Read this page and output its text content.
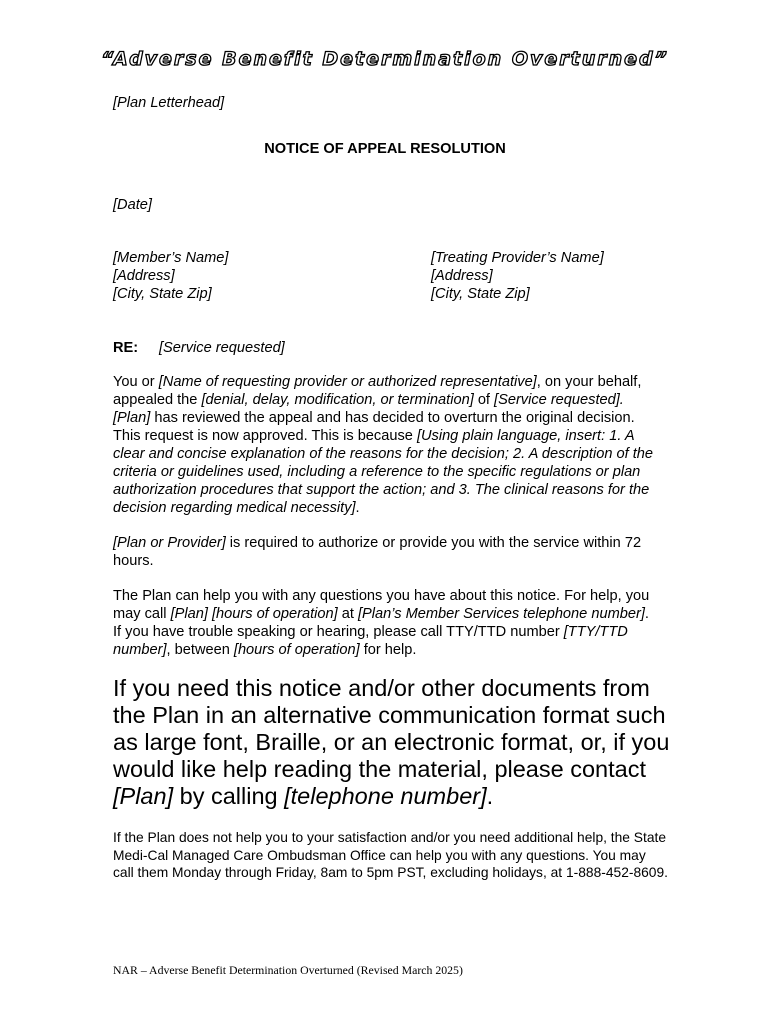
“Adverse Benefit Determination Overturned”
[Plan Letterhead]
NOTICE OF APPEAL RESOLUTION
[Date]
[Member’s Name]
[Address]
[City, State Zip]
[Treating Provider’s Name]
[Address]
[City, State Zip]
RE: [Service requested]
You or [Name of requesting provider or authorized representative], on your behalf, appealed the [denial, delay, modification, or termination] of [Service requested]. [Plan] has reviewed the appeal and has decided to overturn the original decision. This request is now approved. This is because [Using plain language, insert: 1. A clear and concise explanation of the reasons for the decision; 2. A description of the criteria or guidelines used, including a reference to the specific regulations or plan authorization procedures that support the action; and 3. The clinical reasons for the decision regarding medical necessity].
[Plan or Provider] is required to authorize or provide you with the service within 72 hours.
The Plan can help you with any questions you have about this notice. For help, you may call [Plan] [hours of operation] at [Plan’s Member Services telephone number]. If you have trouble speaking or hearing, please call TTY/TTD number [TTY/TTD number], between [hours of operation] for help.
If you need this notice and/or other documents from the Plan in an alternative communication format such as large font, Braille, or an electronic format, or, if you would like help reading the material, please contact [Plan] by calling [telephone number].
If the Plan does not help you to your satisfaction and/or you need additional help, the State Medi-Cal Managed Care Ombudsman Office can help you with any questions. You may call them Monday through Friday, 8am to 5pm PST, excluding holidays, at 1-888-452-8609.
NAR – Adverse Benefit Determination Overturned (Revised March 2025)
